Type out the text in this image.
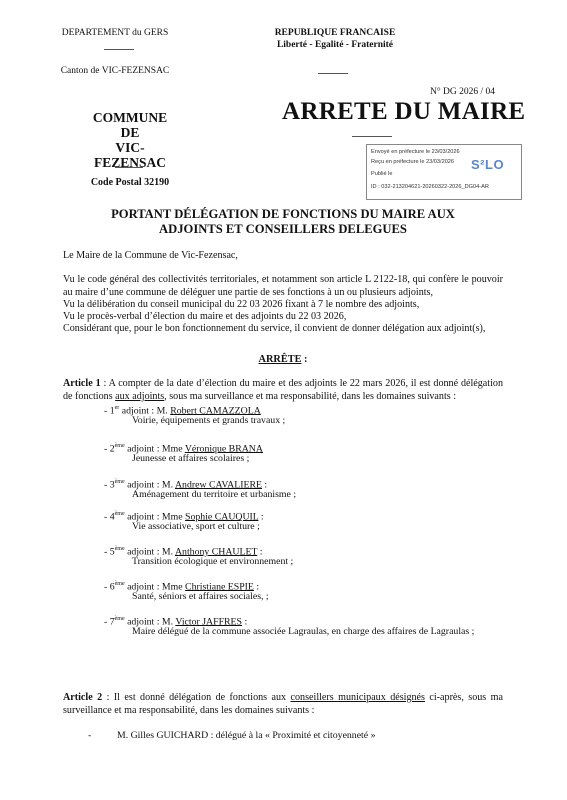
DEPARTEMENT du GERS
Canton de VIC-FEZENSAC
REPUBLIQUE FRANCAISE
Liberté - Egalité - Fraternité
COMMUNE
DE
VIC-FEZENSAC
Code Postal 32190
N° DG 2026 / 04
ARRETE DU MAIRE
Envoyé en préfecture le 23/03/2026
Reçu en préfecture le 23/03/2026
Publié le
ID : 032-213204621-20260322-2026_DG04-AR
S²LO
PORTANT DÉLÉGATION DE FONCTIONS DU MAIRE AUX
ADJOINTS ET CONSEILLERS DELEGUES
Le Maire de la Commune de Vic-Fezensac,
Vu le code général des collectivités territoriales, et notamment son article L 2122-18, qui confère le pouvoir au maire d’une commune de déléguer une partie de ses fonctions à un ou plusieurs adjoints,
Vu la délibération du conseil municipal du 22 03 2026 fixant à 7 le nombre des adjoints,
Vu le procès-verbal d’élection du maire et des adjoints du 22 03 2026,
Considérant que, pour le bon fonctionnement du service, il convient de donner délégation aux adjoint(s),
ARRÊTE :
Article 1 : A compter de la date d’élection du maire et des adjoints le 22 mars 2026, il est donné délégation de fonctions aux adjoints, sous ma surveillance et ma responsabilité, dans les domaines suivants :
- 1er adjoint : M. Robert CAMAZZOLA
Voirie, équipements et grands travaux ;
- 2ème adjoint : Mme Véronique BRANA
Jeunesse et affaires scolaires ;
- 3ème adjoint : M. Andrew CAVALIERE :
Aménagement du territoire et urbanisme ;
- 4ème adjoint : Mme Sophie CAUQUIL :
Vie associative, sport et culture ;
- 5ème adjoint : M. Anthony CHAULET :
Transition écologique et environnement ;
- 6ème adjoint : Mme Christiane ESPIE :
Santé, séniors et affaires sociales, ;
- 7ème adjoint : M. Victor JAFFRES :
Maire délégué de la commune associée Lagraulas, en charge des affaires de Lagraulas ;
Article 2 : Il est donné délégation de fonctions aux conseillers municipaux désignés ci-après, sous ma surveillance et ma responsabilité, dans les domaines suivants :
-	M. Gilles GUICHARD : délégué à la « Proximité et citoyenneté »
